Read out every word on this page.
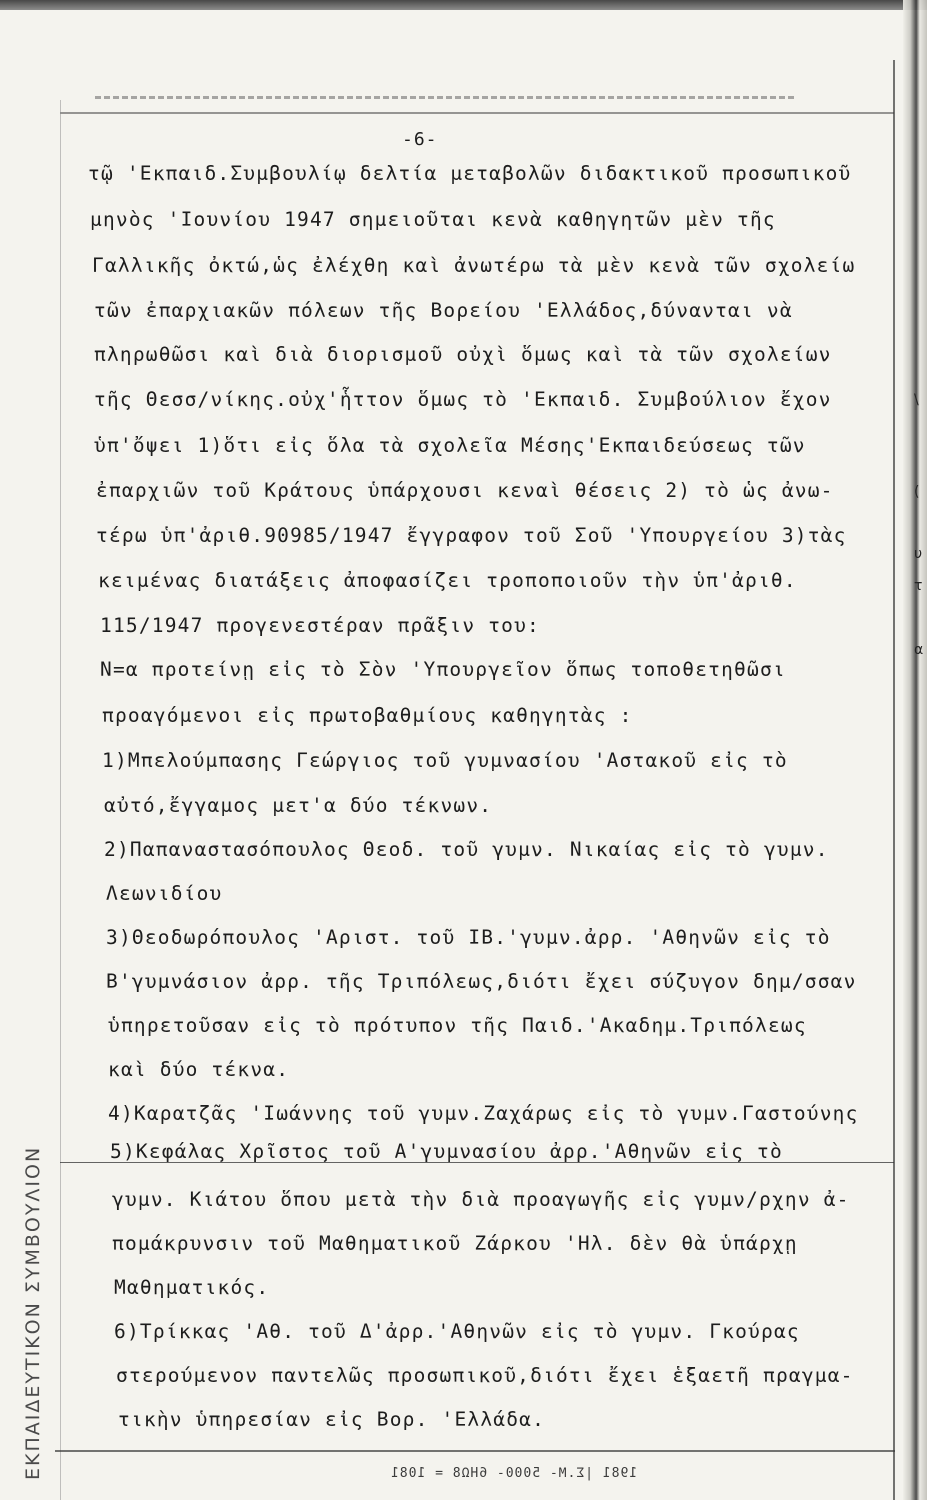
ΕΚΠΑΙΔΕΥΤΙΚΟΝ ΣΥΜΒΟΥΛΙΟΝ
-6-
τῷ 'Εκπαιδ.Συμβουλίῳ δελτία μεταβολῶν διδακτικοῦ προσωπικοῦ
μηνὸς 'Ιουνίου 1947 σημειοῦται κενὰ καθηγητῶν μὲν τῆς
Γαλλικῆς ὀκτώ,ὡς ἐλέχθη καὶ ἀνωτέρω τὰ μὲν κενὰ τῶν σχολείω
τῶν ἐπαρχιακῶν πόλεων τῆς Βορείου 'Ελλάδος,δύνανται νὰ
πληρωθῶσι καὶ διὰ διορισμοῦ οὐχὶ ὅμως καὶ τὰ τῶν σχολείων
τῆς Θεσσ/νίκης.οὐχ'ἧττον ὅμως τὸ 'Εκπαιδ. Συμβούλιον ἔχον
ὑπ'ὄψει 1)ὅτι εἰς ὅλα τὰ σχολεῖα Μέσης'Εκπαιδεύσεως τῶν
ἐπαρχιῶν τοῦ Κράτους ὑπάρχουσι κεναὶ θέσεις 2) τὸ ὡς ἀνω-
τέρω ὑπ'ἀριθ.90985/1947 ἔγγραφον τοῦ Σοῦ 'Υπουργείου 3)τὰς
κειμένας διατάξεις ἀποφασίζει τροποποιοῦν τὴν ὑπ'ἀριθ.
115/1947 προγενεστέραν πρᾶξιν του:
Ν=α προτείνῃ εἰς τὸ Σὸν 'Υπουργεῖον ὅπως τοποθετηθῶσι
προαγόμενοι εἰς πρωτοβαθμίους καθηγητὰς :
1)Μπελούμπασης Γεώργιος τοῦ γυμνασίου 'Αστακοῦ εἰς τὸ
αὐτό,ἔγγαμος μετ'α δύο τέκνων.
2)Παπαναστασόπουλος Θεοδ. τοῦ γυμν. Νικαίας εἰς τὸ γυμν.
Λεωνιδίου
3)Θεοδωρόπουλος 'Αριστ. τοῦ ΙΒ.'γυμν.ἀρρ. 'Αθηνῶν εἰς τὸ
Β'γυμνάσιον ἀρρ. τῆς Τριπόλεως,διότι ἔχει σύζυγον δημ/σσαν
ὑπηρετοῦσαν εἰς τὸ πρότυπον τῆς Παιδ.'Ακαδημ.Τριπόλεως
καὶ δύο τέκνα.
4)Καρατζᾶς 'Ιωάννης τοῦ γυμν.Ζαχάρως εἰς τὸ γυμν.Γαστούνης
5)Κεφάλας Χρῖστος τοῦ Α'γυμνασίου ἀρρ.'Αθηνῶν εἰς τὸ
γυμν. Κιάτου ὅπου μετὰ τὴν διὰ προαγωγῆς εἰς γυμν/ρχην ἀ-
πομάκρυνσιν τοῦ Μαθηματικοῦ Ζάρκου 'Ηλ. δὲν θὰ ὑπάρχῃ
Μαθηματικός.
6)Τρίκκας 'Αθ. τοῦ Δ'ἀρρ.'Αθηνῶν εἰς τὸ γυμν. Γκούρας
στερούμενον παντελῶς προσωπικοῦ,διότι ἔχει ἑξαετῆ πραγμα-
τικὴν ὑπηρεσίαν εἰς Βορ. 'Ελλάδα.
\
(
υ
τ
α
1981 |Σ.Μ- 5000- 6HΩ8 = 1081
